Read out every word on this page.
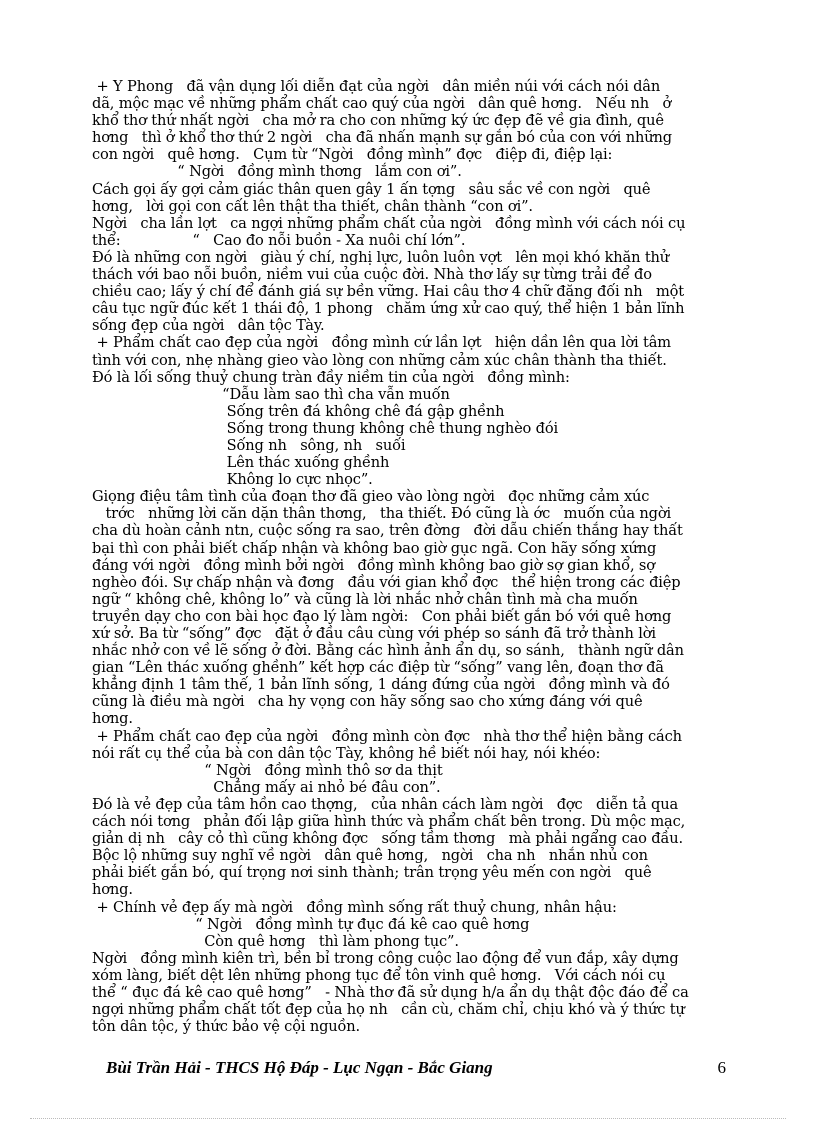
+ Y Phong   đã vận dụng lối diễn đạt của ngời   dân miền núi với cách nói dân
dã, mộc mạc về những phẩm chất cao quý của ngời   dân quê hơng.   Nếu nh   ở
khổ thơ thứ nhất ngời   cha mở ra cho con những ký ức đẹp đẽ về gia đình, quê
hơng   thì ở khổ thơ thứ 2 ngời   cha đã nhấn mạnh sự gắn bó của con với những
con ngời   quê hơng.   Cụm từ “Ngời   đồng mình” đợc   điệp đi, điệp lại:
“ Ngời   đồng mình thơng   lắm con ơi”.
Cách gọi ấy gợi cảm giác thân quen gây 1 ấn tợng   sâu sắc về con ngời   quê
hơng,   lời gọi con cất lên thật tha thiết, chân thành “con ơi”.
Ngời   cha lần lợt   ca ngợi những phẩm chất của ngời   đồng mình với cách nói cụ
thể:                “   Cao đo nỗi buồn - Xa nuôi chí lớn”.
Đó là những con ngời   giàu ý chí, nghị lực, luôn luôn vợt   lên mọi khó khăn thử
thách với bao nỗi buồn, niềm vui của cuộc đời. Nhà thơ lấy sự từng trải để đo
chiều cao; lấy ý chí để đánh giá sự bền vững. Hai câu thơ 4 chữ đăng đối nh   một
câu tục ngữ đúc kết 1 thái độ, 1 phong   chăm ứng xử cao quý, thể hiện 1 bản lĩnh
sống đẹp của ngời   dân tộc Tày.
+ Phẩm chất cao đẹp của ngời   đồng mình cứ lần lợt   hiện dần lên qua lời tâm
tình với con, nhẹ nhàng gieo vào lòng con những cảm xúc chân thành tha thiết.
Đó là lối sống thuỷ chung tràn đầy niềm tin của ngời   đồng mình:
“Dẫu làm sao thì cha vẫn muốn
Sống trên đá không chê đá gập ghềnh
Sống trong thung không chê thung nghèo đói
Sống nh   sông, nh   suối
Lên thác xuống ghềnh
Không lo cực nhọc”.
Giọng điệu tâm tình của đoạn thơ đã gieo vào lòng ngời   đọc những cảm xúc
trớc   những lời căn dặn thân thơng,   tha thiết. Đó cũng là ớc   muốn của ngời
cha dù hoàn cảnh ntn, cuộc sống ra sao, trên đờng   đời dẫu chiến thắng hay thất
bại thì con phải biết chấp nhận và không bao giờ gục ngã. Con hãy sống xứng
đáng với ngời   đồng mình bởi ngời   đồng mình không bao giờ sợ gian khổ, sợ
nghèo đói. Sự chấp nhận và đơng   đầu với gian khổ đợc   thể hiện trong các điệp
ngữ “ không chê, không lo” và cũng là lời nhắc nhở chân tình mà cha muốn
truyền dạy cho con bài học đạo lý làm ngời:   Con phải biết gắn bó với quê hơng
xứ sở. Ba từ “sống” đợc   đặt ở đầu câu cùng với phép so sánh đã trở thành lời
nhắc nhở con về lẽ sống ở đời. Bằng các hình ảnh ẩn dụ, so sánh,   thành ngữ dân
gian “Lên thác xuống ghềnh” kết hợp các điệp từ “sống” vang lên, đoạn thơ đã
khẳng định 1 tâm thế, 1 bản lĩnh sống, 1 dáng đứng của ngời   đồng mình và đó
cũng là điều mà ngời   cha hy vọng con hãy sống sao cho xứng đáng với quê
hơng.
+ Phẩm chất cao đẹp của ngời   đồng mình còn đợc   nhà thơ thể hiện bằng cách
nói rất cụ thể của bà con dân tộc Tày, không hề biết nói hay, nói khéo:
“ Ngời   đồng mình thô sơ da thịt
Chẳng mấy ai nhỏ bé đâu con”.
Đó là vẻ đẹp của tâm hồn cao thợng,   của nhân cách làm ngời   đợc   diễn tả qua
cách nói tơng   phản đối lập giữa hình thức và phẩm chất bên trong. Dù mộc mạc,
giản dị nh   cây cỏ thì cũng không đợc   sống tầm thơng   mà phải ngẩng cao đầu.
Bộc lộ những suy nghĩ về ngời   dân quê hơng,   ngời   cha nh   nhắn nhủ con
phải biết gắn bó, quí trọng nơi sinh thành; trân trọng yêu mến con ngời   quê
hơng.
+ Chính vẻ đẹp ấy mà ngời   đồng mình sống rất thuỷ chung, nhân hậu:
“ Ngời   đồng mình tự đục đá kê cao quê hơng
Còn quê hơng   thì làm phong tục”.
Ngời   đồng mình kiên trì, bền bỉ trong công cuộc lao động để vun đắp, xây dựng
xóm làng, biết dệt lên những phong tục để tôn vinh quê hơng.   Với cách nói cụ
thể “ đục đá kê cao quê hơng”   - Nhà thơ đã sử dụng h/a ẩn dụ thật độc đáo để ca
ngợi những phẩm chất tốt đẹp của họ nh   cần cù, chăm chỉ, chịu khó và ý thức tự
tôn dân tộc, ý thức bảo vệ cội nguồn.
Bùi Trần Hải - THCS Hộ Đáp - Lục Ngạn - Bắc Giang	6
